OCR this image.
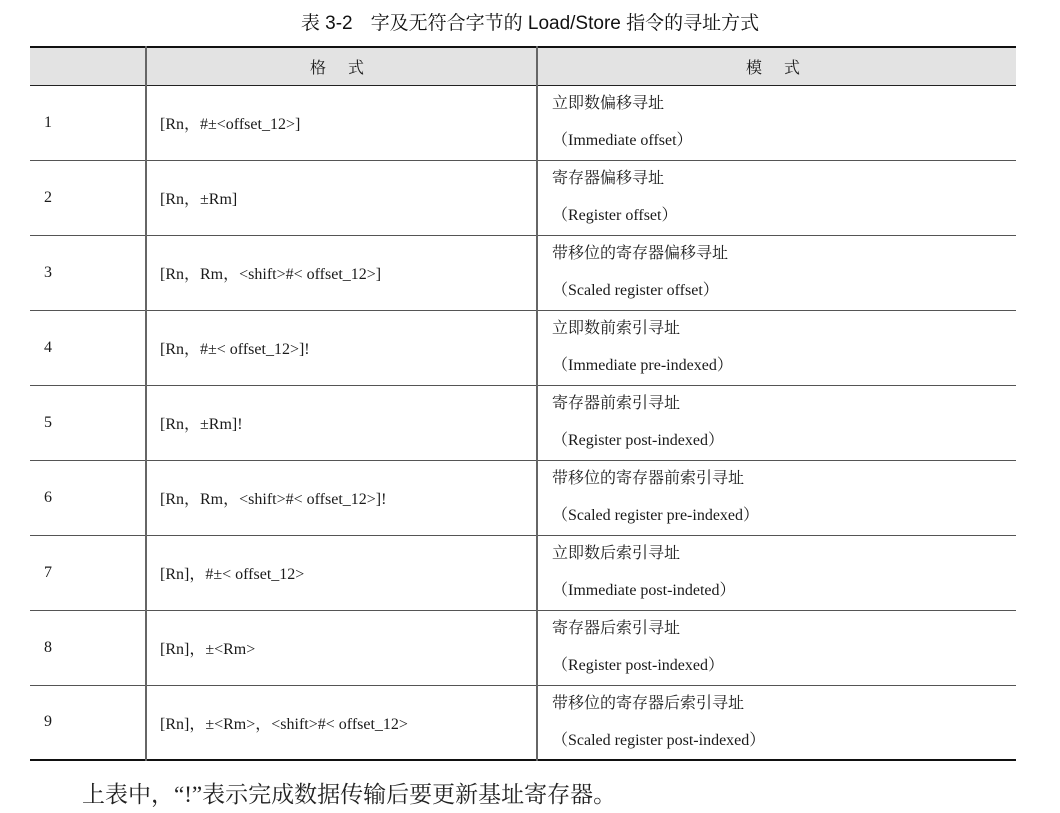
表 3-2 字及无符合字节的 Load/Store 指令的寻址方式
	格式	模式
1	[Rn，#±<offset_12>]	立即数偏移寻址
（Immediate offset）

2	[Rn，±Rm]	寄存器偏移寻址
（Register offset）

3	[Rn，Rm，<shift>#< offset_12>]	带移位的寄存器偏移寻址
（Scaled register offset）

4	[Rn，#±< offset_12>]!	立即数前索引寻址
（Immediate pre-indexed）

5	[Rn，±Rm]!	寄存器前索引寻址
（Register post-indexed）

6	[Rn，Rm，<shift>#< offset_12>]!	带移位的寄存器前索引寻址
（Scaled register pre-indexed）

7	[Rn]，#±< offset_12>	立即数后索引寻址
（Immediate post-indeted）

8	[Rn]，±<Rm>	寄存器后索引寻址
（Register post-indexed）

9	[Rn]，±<Rm>，<shift>#< offset_12>	带移位的寄存器后索引寻址
（Scaled register post-indexed）
上表中，“!”表示完成数据传输后要更新基址寄存器。
